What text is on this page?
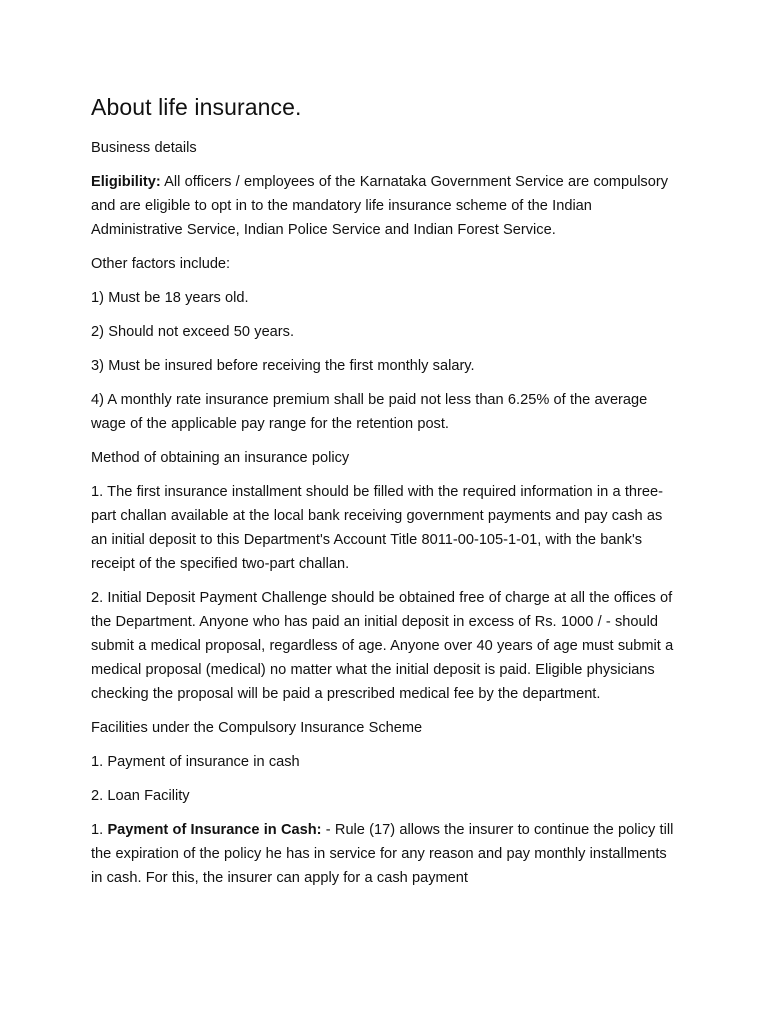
About life insurance.

Business details

Eligibility: All officers / employees of the Karnataka Government Service are compulsory and are eligible to opt in to the mandatory life insurance scheme of the Indian Administrative Service, Indian Police Service and Indian Forest Service.

Other factors include:

1) Must be 18 years old.

2) Should not exceed 50 years.

3) Must be insured before receiving the first monthly salary.

4) A monthly rate insurance premium shall be paid not less than 6.25% of the average wage of the applicable pay range for the retention post.

Method of obtaining an insurance policy

1. The first insurance installment should be filled with the required information in a three-part challan available at the local bank receiving government payments and pay cash as an initial deposit to this Department's Account Title 8011-00-105-1-01, with the bank's receipt of the specified two-part challan.

2. Initial Deposit Payment Challenge should be obtained free of charge at all the offices of the Department. Anyone who has paid an initial deposit in excess of Rs. 1000 / - should submit a medical proposal, regardless of age. Anyone over 40 years of age must submit a medical proposal (medical) no matter what the initial deposit is paid. Eligible physicians checking the proposal will be paid a prescribed medical fee by the department.

Facilities under the Compulsory Insurance Scheme

1. Payment of insurance in cash

2. Loan Facility

1. Payment of Insurance in Cash: - Rule (17) allows the insurer to continue the policy till the expiration of the policy he has in service for any reason and pay monthly installments in cash. For this, the insurer can apply for a cash payment
